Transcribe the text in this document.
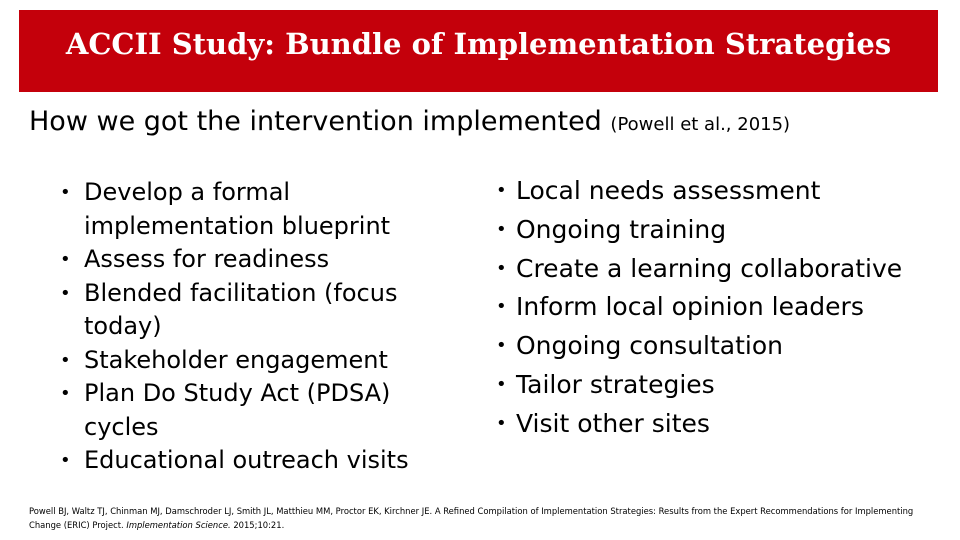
ACCII Study: Bundle of Implementation Strategies
How we got the intervention implemented (Powell et al., 2015)
• Develop a formal implementation blueprint
• Assess for readiness
• Blended facilitation (focus today)
• Stakeholder engagement
• Plan Do Study Act (PDSA) cycles
• Educational outreach visits
• Local needs assessment
• Ongoing training
• Create a learning collaborative
• Inform local opinion leaders
• Ongoing consultation
• Tailor strategies
• Visit other sites
Powell BJ, Waltz TJ, Chinman MJ, Damschroder LJ, Smith JL, Matthieu MM, Proctor EK, Kirchner JE. A Refined Compilation of Implementation Strategies: Results from the Expert Recommendations for Implementing Change (ERIC) Project. Implementation Science. 2015;10:21.
